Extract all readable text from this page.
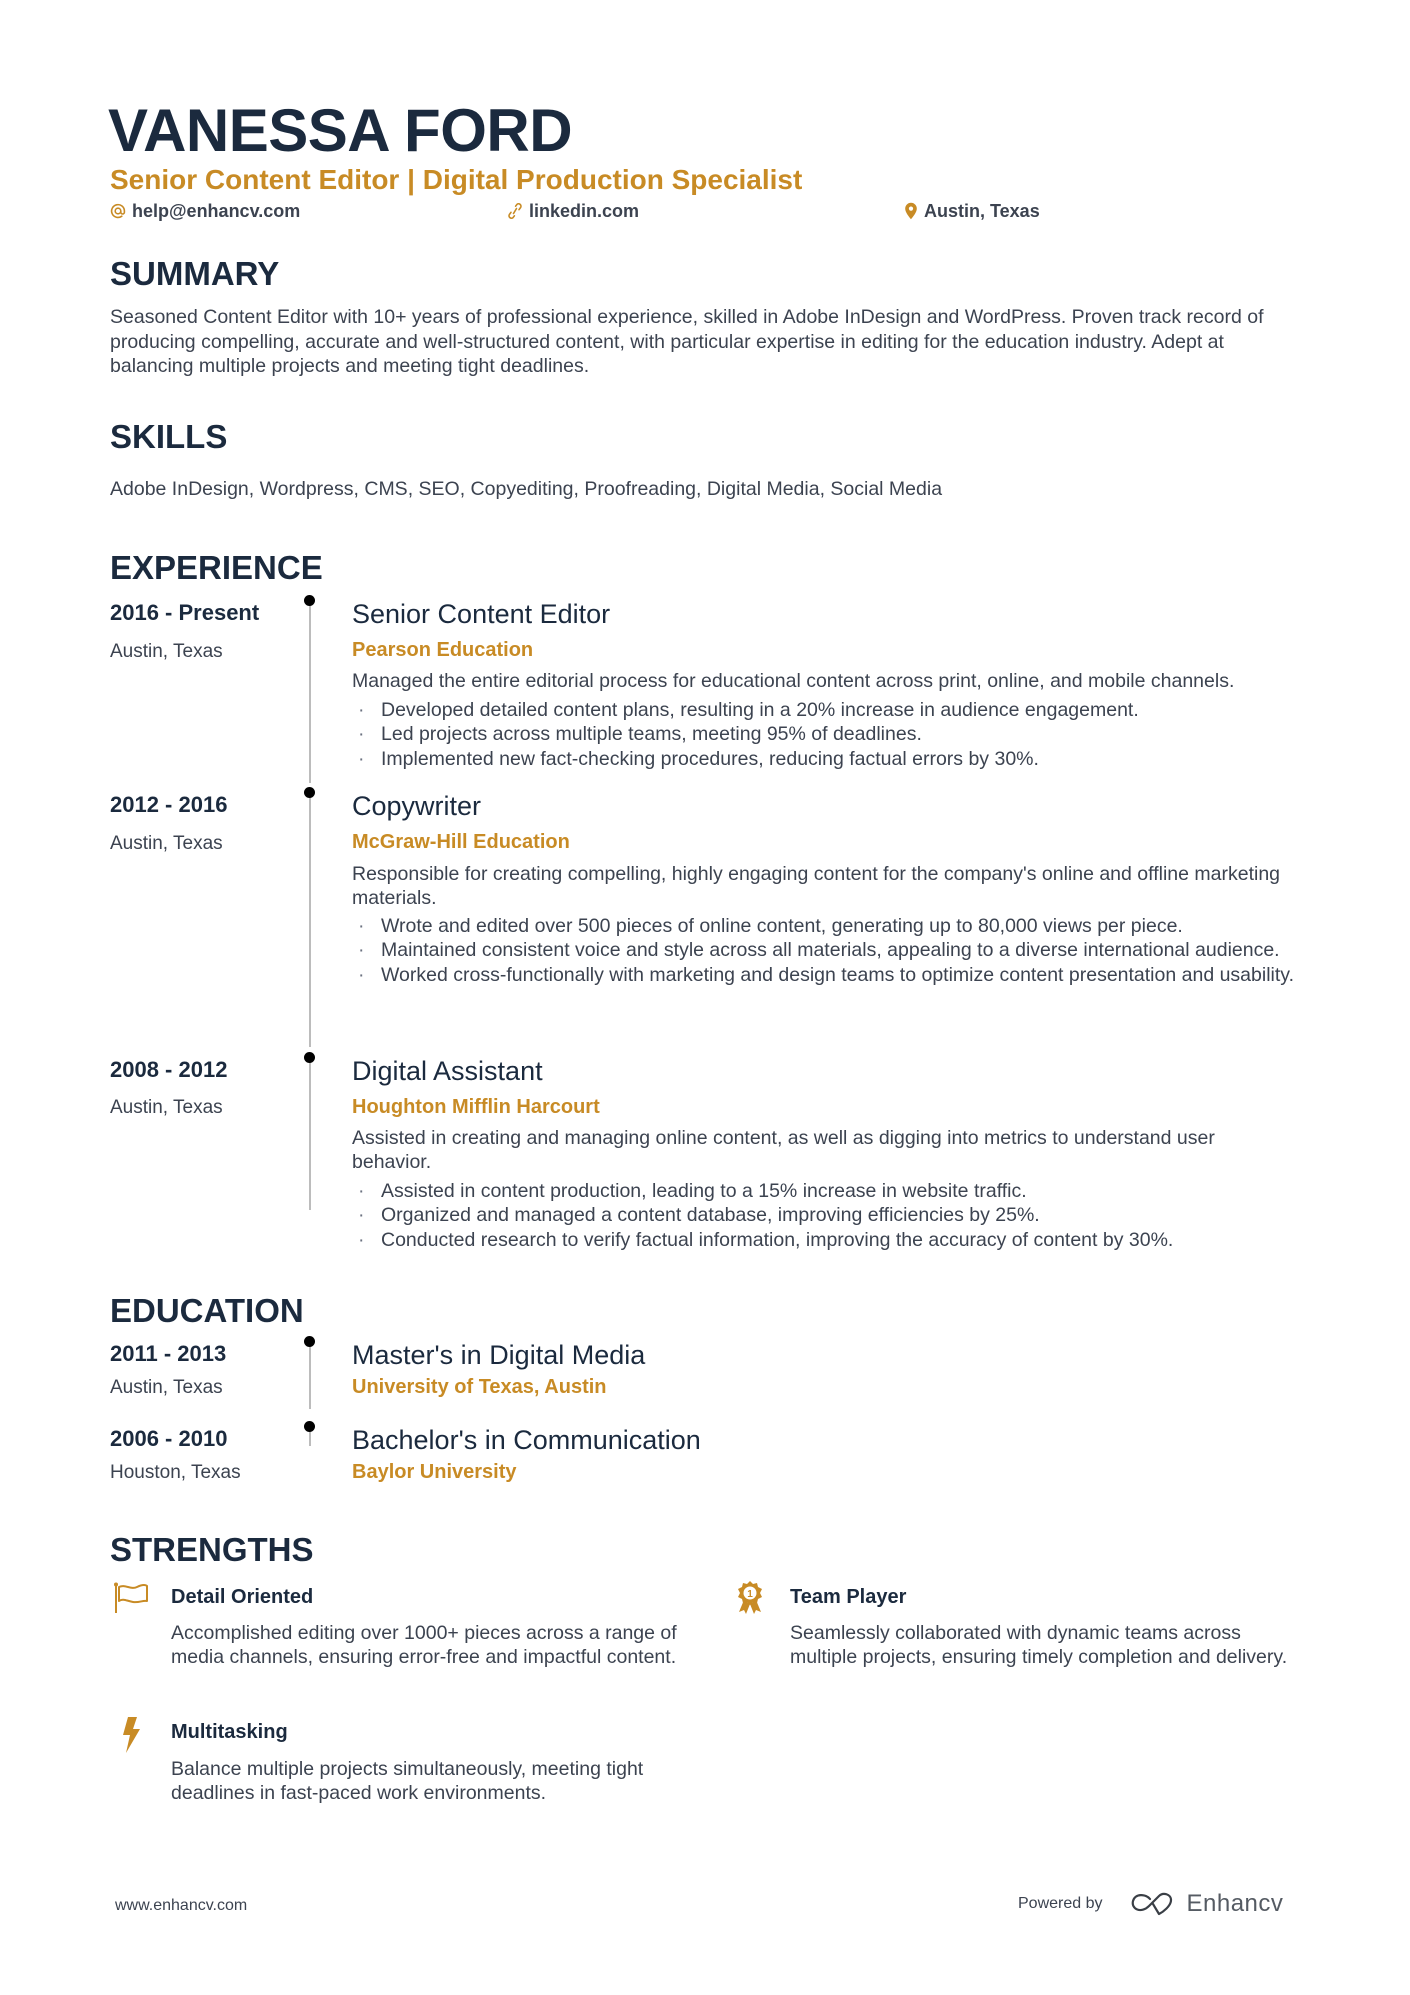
VANESSA FORD
Senior Content Editor | Digital Production Specialist
help@enhancv.com	linkedin.com	Austin, Texas
SUMMARY
Seasoned Content Editor with 10+ years of professional experience, skilled in Adobe InDesign and WordPress. Proven track record of producing compelling, accurate and well-structured content, with particular expertise in editing for the education industry. Adept at balancing multiple projects and meeting tight deadlines.
SKILLS
Adobe InDesign, Wordpress, CMS, SEO, Copyediting, Proofreading, Digital Media, Social Media
EXPERIENCE
2016 - Present
Austin, Texas
Senior Content Editor
Pearson Education
Managed the entire editorial process for educational content across print, online, and mobile channels.
· Developed detailed content plans, resulting in a 20% increase in audience engagement.
· Led projects across multiple teams, meeting 95% of deadlines.
· Implemented new fact-checking procedures, reducing factual errors by 30%.
2012 - 2016
Austin, Texas
Copywriter
McGraw-Hill Education
Responsible for creating compelling, highly engaging content for the company's online and offline marketing materials.
· Wrote and edited over 500 pieces of online content, generating up to 80,000 views per piece.
· Maintained consistent voice and style across all materials, appealing to a diverse international audience.
· Worked cross-functionally with marketing and design teams to optimize content presentation and usability.
2008 - 2012
Austin, Texas
Digital Assistant
Houghton Mifflin Harcourt
Assisted in creating and managing online content, as well as digging into metrics to understand user behavior.
· Assisted in content production, leading to a 15% increase in website traffic.
· Organized and managed a content database, improving efficiencies by 25%.
· Conducted research to verify factual information, improving the accuracy of content by 30%.
EDUCATION
2011 - 2013
Austin, Texas
Master's in Digital Media
University of Texas, Austin
2006 - 2010
Houston, Texas
Bachelor's in Communication
Baylor University
STRENGTHS
Detail Oriented
Accomplished editing over 1000+ pieces across a range of media channels, ensuring error-free and impactful content.
1 Team Player
Seamlessly collaborated with dynamic teams across multiple projects, ensuring timely completion and delivery.
Multitasking
Balance multiple projects simultaneously, meeting tight deadlines in fast-paced work environments.
www.enhancv.com	Powered by	Enhancv
